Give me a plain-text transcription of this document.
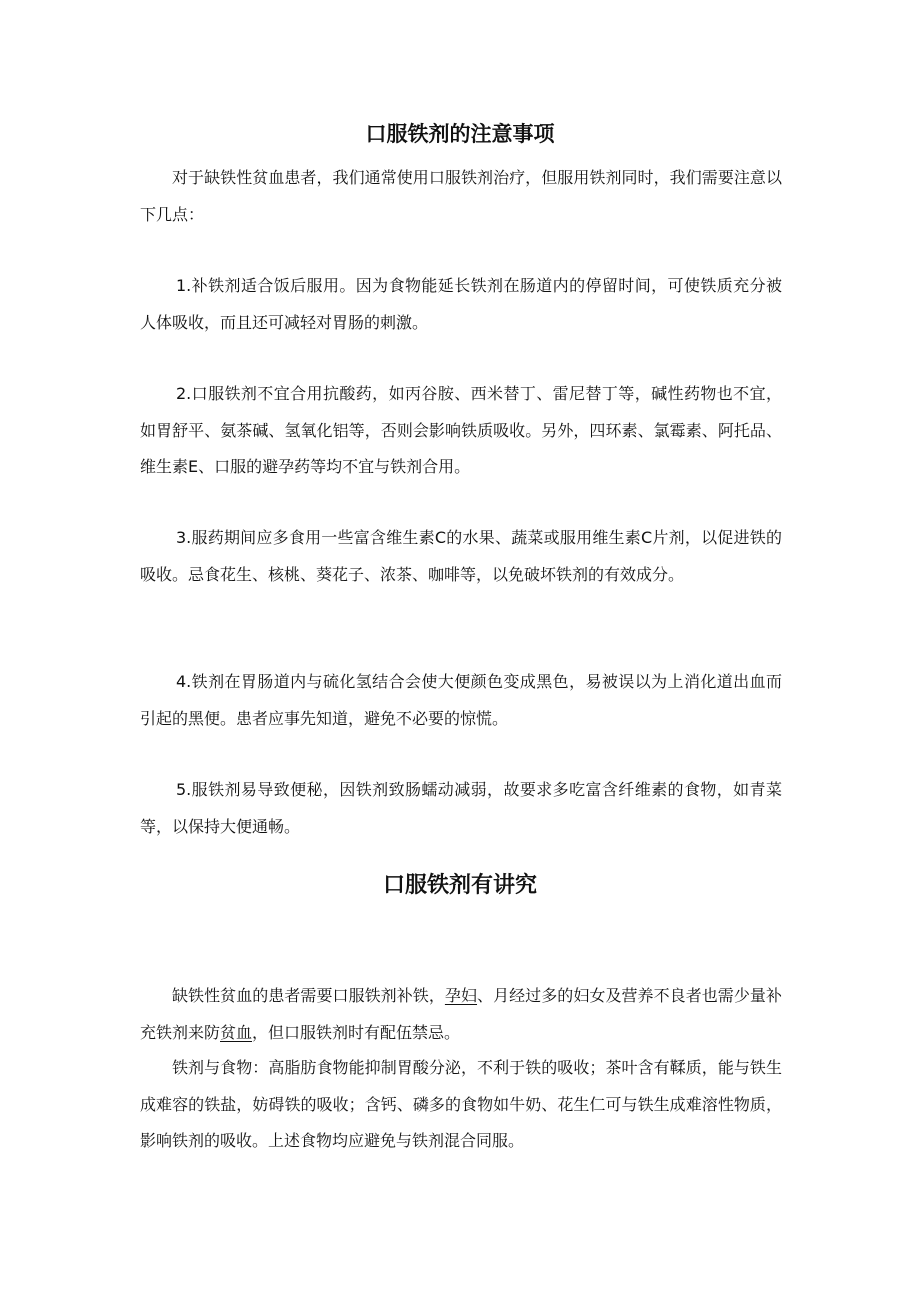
口服铁剂的注意事项
对于缺铁性贫血患者，我们通常使用口服铁剂治疗，但服用铁剂同时，我们需要注意以下几点：
1.补铁剂适合饭后服用。因为食物能延长铁剂在肠道内的停留时间，可使铁质充分被人体吸收，而且还可减轻对胃肠的刺激。
2.口服铁剂不宜合用抗酸药，如丙谷胺、西米替丁、雷尼替丁等，碱性药物也不宜，如胃舒平、氨茶碱、氢氧化铝等，否则会影响铁质吸收。另外，四环素、氯霉素、阿托品、维生素E、口服的避孕药等均不宜与铁剂合用。
3.服药期间应多食用一些富含维生素C的水果、蔬菜或服用维生素C片剂，以促进铁的吸收。忌食花生、核桃、葵花子、浓茶、咖啡等，以免破坏铁剂的有效成分。
4.铁剂在胃肠道内与硫化氢结合会使大便颜色变成黑色，易被误以为上消化道出血而引起的黑便。患者应事先知道，避免不必要的惊慌。
5.服铁剂易导致便秘，因铁剂致肠蠕动减弱，故要求多吃富含纤维素的食物，如青菜等，以保持大便通畅。
口服铁剂有讲究
缺铁性贫血的患者需要口服铁剂补铁，孕妇、月经过多的妇女及营养不良者也需少量补充铁剂来防贫血，但口服铁剂时有配伍禁忌。
铁剂与食物：高脂肪食物能抑制胃酸分泌，不利于铁的吸收；茶叶含有鞣质，能与铁生成难容的铁盐，妨碍铁的吸收；含钙、磷多的食物如牛奶、花生仁可与铁生成难溶性物质，影响铁剂的吸收。上述食物均应避免与铁剂混合同服。
